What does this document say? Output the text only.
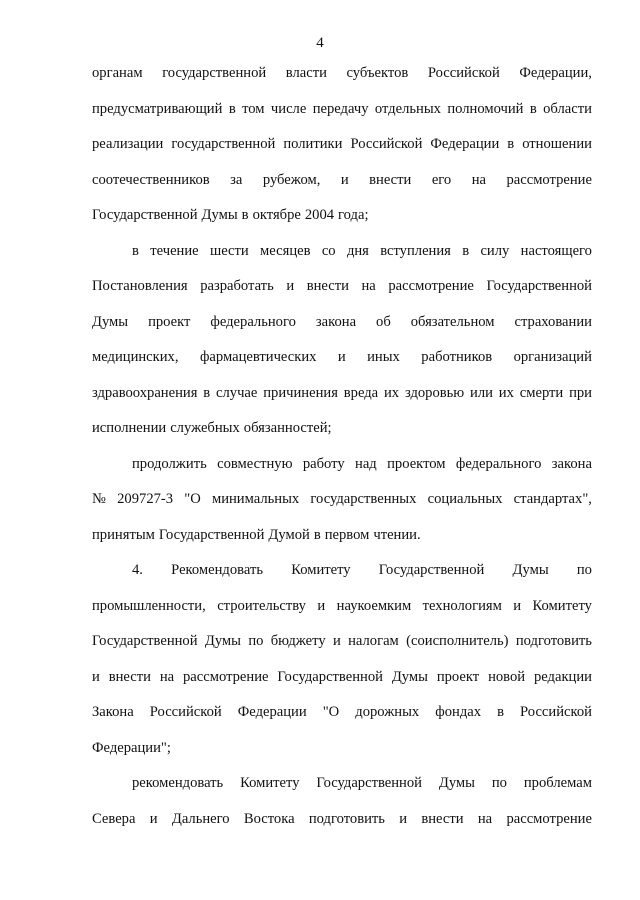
4
органам государственной власти субъектов Российской Федерации,
предусматривающий в том числе передачу отдельных полномочий в области
реализации государственной политики Российской Федерации в отношении
соотечественников за рубежом, и внести его на рассмотрение
Государственной Думы в октябре 2004 года;
в течение шести месяцев со дня вступления в силу настоящего
Постановления разработать и внести на рассмотрение Государственной
Думы проект федерального закона об обязательном страховании
медицинских, фармацевтических и иных работников организаций
здравоохранения в случае причинения вреда их здоровью или их смерти при
исполнении служебных обязанностей;
продолжить совместную работу над проектом федерального закона
№ 209727-3 "О минимальных государственных социальных стандартах",
принятым Государственной Думой в первом чтении.
4. Рекомендовать Комитету Государственной Думы по
промышленности, строительству и наукоемким технологиям и Комитету
Государственной Думы по бюджету и налогам (соисполнитель) подготовить
и внести на рассмотрение Государственной Думы проект новой редакции
Закона Российской Федерации "О дорожных фондах в Российской
Федерации";
рекомендовать Комитету Государственной Думы по проблемам
Севера и Дальнего Востока подготовить и внести на рассмотрение
